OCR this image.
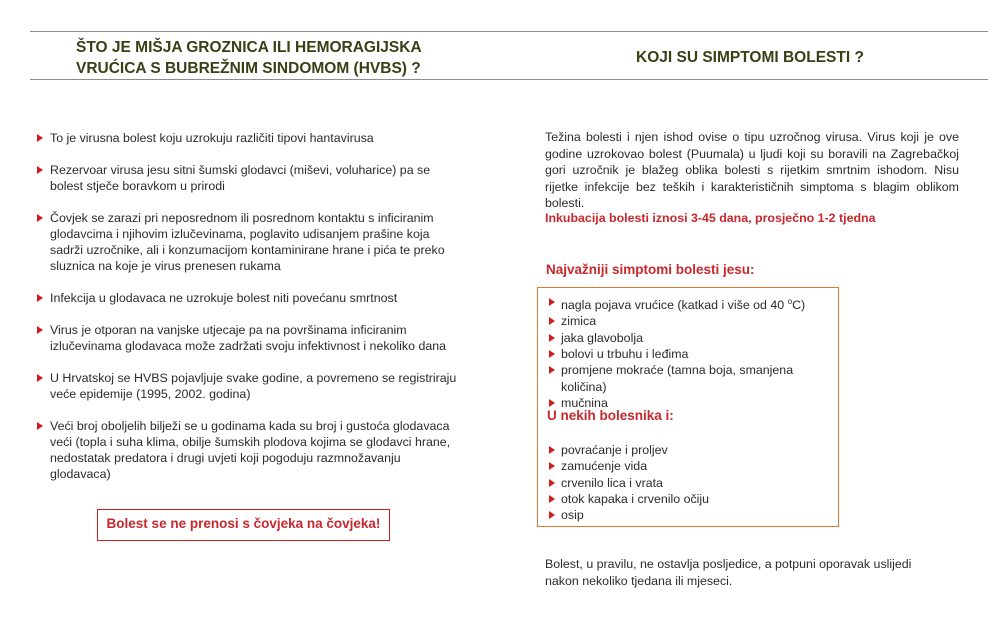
ŠTO JE MIŠJA GROZNICA ILI HEMORAGIJSKA
VRUĆICA S BUBREŽNIM SINDOMOM (HVBS) ?
KOJI SU SIMPTOMI BOLESTI ?
To je virusna bolest koju uzrokuju različiti tipovi hantavirusa
Rezervoar virusa jesu sitni šumski glodavci (miševi, voluharice) pa se bolest stječe boravkom u prirodi
Čovjek se zarazi pri neposrednom ili posrednom kontaktu s inficiranim glodavcima i njihovim izlučevinama, poglavito udisanjem prašine koja sadrži uzročnike, ali i konzumacijom kontaminirane hrane i pića te preko sluznica na koje je virus prenesen rukama
Infekcija u glodavaca ne uzrokuje bolest niti povećanu smrtnost
Virus je otporan na vanjske utjecaje pa na površinama inficiranim izlučevinama glodavaca može zadržati svoju infektivnost i nekoliko dana
U Hrvatskoj se HVBS pojavljuje svake godine, a povremeno se registriraju veće epidemije (1995, 2002. godina)
Veći broj oboljelih bilježi se u godinama kada su broj i gustoća glodavaca veći (topla i suha klima, obilje šumskih plodova kojima se glodavci hrane, nedostatak predatora i drugi uvjeti koji pogoduju razmnožavanju glodavaca)
Bolest se ne prenosi s čovjeka na čovjeka!

Težina bolesti i njen ishod ovise o tipu uzročnog virusa. Virus koji je ove godine uzrokovao bolest (Puumala) u ljudi koji su boravili na Zagrebačkoj gori uzročnik je blažeg oblika bolesti s rijetkim smrtnim ishodom. Nisu rijetke infekcije bez teških i karakterističnih simptoma s blagim oblikom bolesti.

Inkubacija bolesti iznosi 3-45 dana, prosječno 1-2 tjedna

Najvažniji simptomi bolesti jesu:

nagla pojava vrućice (katkad i više od 40 $^o$C)
zimica
jaka glavobolja
bolovi u trbuhu i leđima
promjene mokraće (tamna boja, smanjena količina)
mučnina

U nekih bolesnika i:

povraćanje i proljev
zamućenje vida
crvenilo lica i vrata
otok kapaka i crvenilo očiju
osip

Bolest, u pravilu, ne ostavlja posljedice, a potpuni oporavak uslijedi nakon nekoliko tjedana ili mjeseci.
